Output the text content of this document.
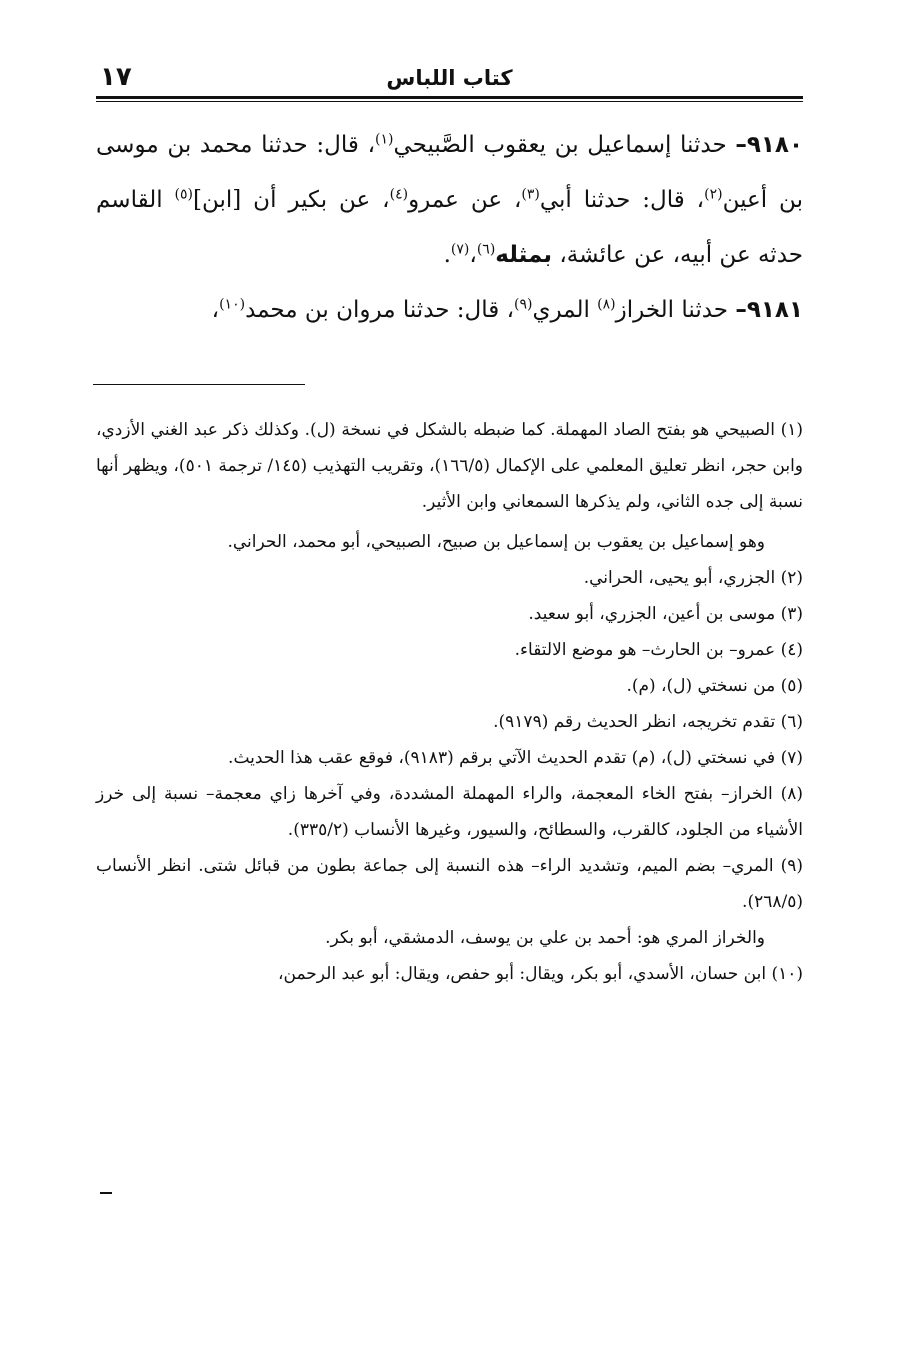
كتاب اللباس
١٧

٩١٨٠– حدثنا إسماعيل بن يعقوب الصَّبيحي$^{(١)}$، قال: حدثنا محمد بن موسى بن أعين$^{(٢)}$، قال: حدثنا أبي$^{(٣)}$، عن عمرو$^{(٤)}$، عن بكير أن [ابن]$^{(٥)}$ القاسم حدثه عن أبيه، عن عائشة، بمثله$^{(٦)}$،$^{(٧)}$.

٩١٨١– حدثنا الخراز$^{(٨)}$ المري$^{(٩)}$، قال: حدثنا مروان بن محمد$^{(١٠)}$،

(١) الصبيحي هو بفتح الصاد المهملة. كما ضبطه بالشكل في نسخة (ل). وكذلك ذكر عبد الغني الأزدي، وابن حجر، انظر تعليق المعلمي على الإكمال (١٦٦/٥)، وتقريب التهذيب (١٤٥/ ترجمة ٥٠١)، ويظهر أنها نسبة إلى جده الثاني، ولم يذكرها السمعاني وابن الأثير.

وهو إسماعيل بن يعقوب بن إسماعيل بن صبيح، الصبيحي، أبو محمد، الحراني.

(٢) الجزري، أبو يحيى، الحراني.

(٣) موسى بن أعين، الجزري، أبو سعيد.

(٤) عمرو– بن الحارث– هو موضع الالتقاء.

(٥) من نسختي (ل)، (م).

(٦) تقدم تخريجه، انظر الحديث رقم (٩١٧٩).

(٧) في نسختي (ل)، (م) تقدم الحديث الآتي برقم (٩١٨٣)، فوقع عقب هذا الحديث.

(٨) الخراز– بفتح الخاء المعجمة، والراء المهملة المشددة، وفي آخرها زاي معجمة– نسبة إلى خرز الأشياء من الجلود، كالقرب، والسطائح، والسيور، وغيرها الأنساب (٣٣٥/٢).

(٩) المري– بضم الميم، وتشديد الراء– هذه النسبة إلى جماعة بطون من قبائل شتى. انظر الأنساب (٢٦٨/٥).

والخراز المري هو: أحمد بن علي بن يوسف، الدمشقي، أبو بكر.

(١٠) ابن حسان، الأسدي، أبو بكر، ويقال: أبو حفص، ويقال: أبو عبد الرحمن،
